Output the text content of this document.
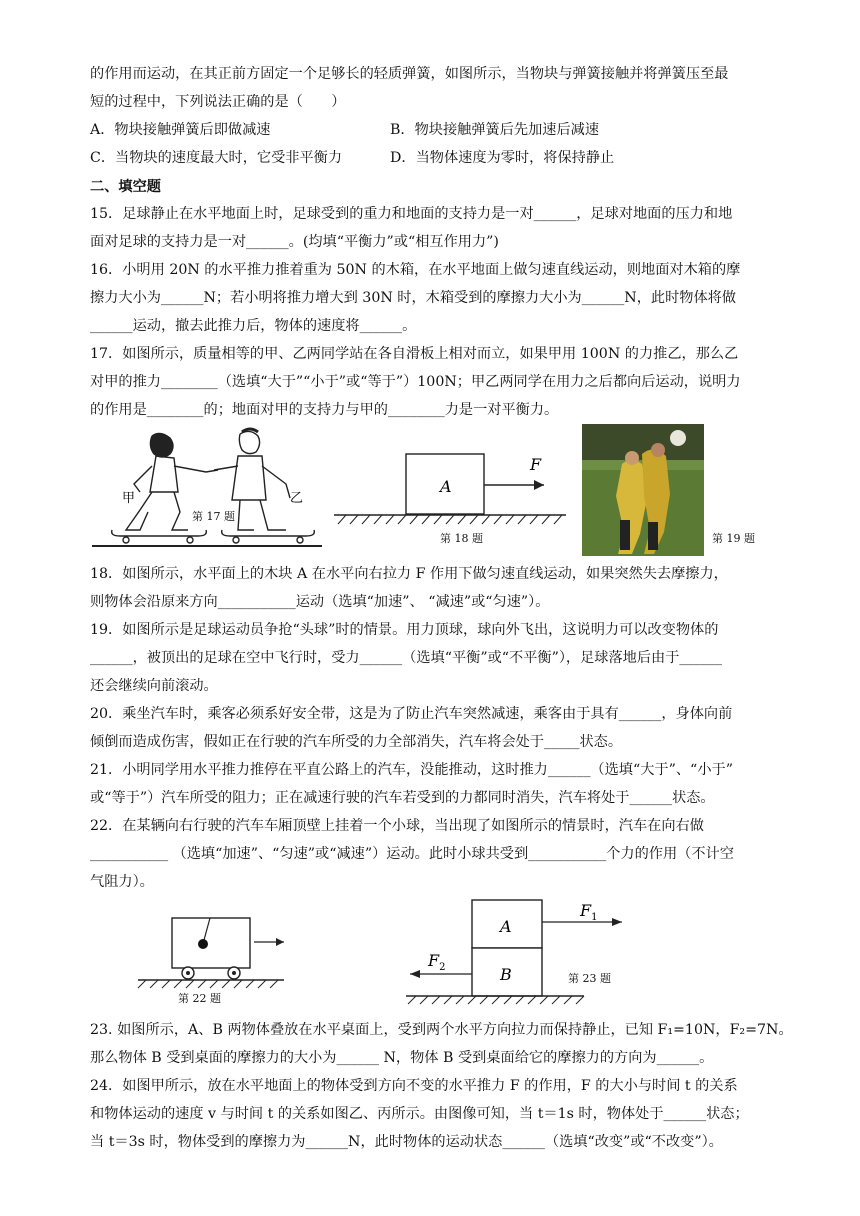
的作用而运动，在其正前方固定一个足够长的轻质弹簧，如图所示，当物块与弹簧接触并将弹簧压至最
短的过程中，下列说法正确的是（　　）
A．物块接触弹簧后即做减速	B．物块接触弹簧后先加速后减速
C．当物块的速度最大时，它受非平衡力	D．当物体速度为零时，将保持静止
二、填空题
15．足球静止在水平地面上时，足球受到的重力和地面的支持力是一对______，足球对地面的压力和地
面对足球的支持力是一对______。(均填“平衡力”或“相互作用力”)
16．小明用 20N 的水平推力推着重为 50N 的木箱，在水平地面上做匀速直线运动，则地面对木箱的摩
擦力大小为______N；若小明将推力增大到 30N 时，木箱受到的摩擦力大小为______N，此时物体将做
______运动，撤去此推力后，物体的速度将______。
17．如图所示，质量相等的甲、乙两同学站在各自滑板上相对而立，如果甲用 100N 的力推乙，那么乙
对甲的推力________（选填“大于”“小于”或“等于”）100N；甲乙两同学在用力之后都向后运动，说明力
的作用是________的；地面对甲的支持力与甲的________力是一对平衡力。
甲	乙
第 17 题
A
F
第 18 题	第 19 题
18．如图所示，水平面上的木块 A 在水平向右拉力 F 作用下做匀速直线运动，如果突然失去摩擦力，
则物体会沿原来方向___________运动（选填“加速”、 “减速”或“匀速”）。
19．如图所示是足球运动员争抢“头球”时的情景。用力顶球，球向外飞出，这说明力可以改变物体的
______，被顶出的足球在空中飞行时，受力______（选填“平衡”或“不平衡”），足球落地后由于______
还会继续向前滚动。
20．乘坐汽车时，乘客必须系好安全带，这是为了防止汽车突然减速，乘客由于具有______，身体向前
倾倒而造成伤害，假如正在行驶的汽车所受的力全部消失，汽车将会处于_____状态。
21．小明同学用水平推力推停在平直公路上的汽车，没能推动，这时推力______（选填“大于”、“小于”
或“等于”）汽车所受的阻力；正在减速行驶的汽车若受到的力都同时消失，汽车将处于______状态。
22．在某辆向右行驶的汽车车厢顶壁上挂着一个小球，当出现了如图所示的情景时，汽车在向右做
___________ （选填“加速”、“匀速”或“减速”）运动。此时小球共受到___________个力的作用（不计空
气阻力）。
第 22 题
A
B
$F_1$
$F_2$
第 23 题
23. 如图所示，A、B 两物体叠放在水平桌面上，受到两个水平方向拉力而保持静止，已知 F₁=10N，F₂=7N。
那么物体 B 受到桌面的摩擦力的大小为______ N，物体 B 受到桌面给它的摩擦力的方向为______。
24．如图甲所示，放在水平地面上的物体受到方向不变的水平推力 F 的作用，F 的大小与时间 t 的关系
和物体运动的速度 v 与时间 t 的关系如图乙、丙所示。由图像可知，当 t＝1s 时，物体处于______状态；
当 t＝3s 时，物体受到的摩擦力为______N，此时物体的运动状态______（选填“改变”或“不改变”）。
